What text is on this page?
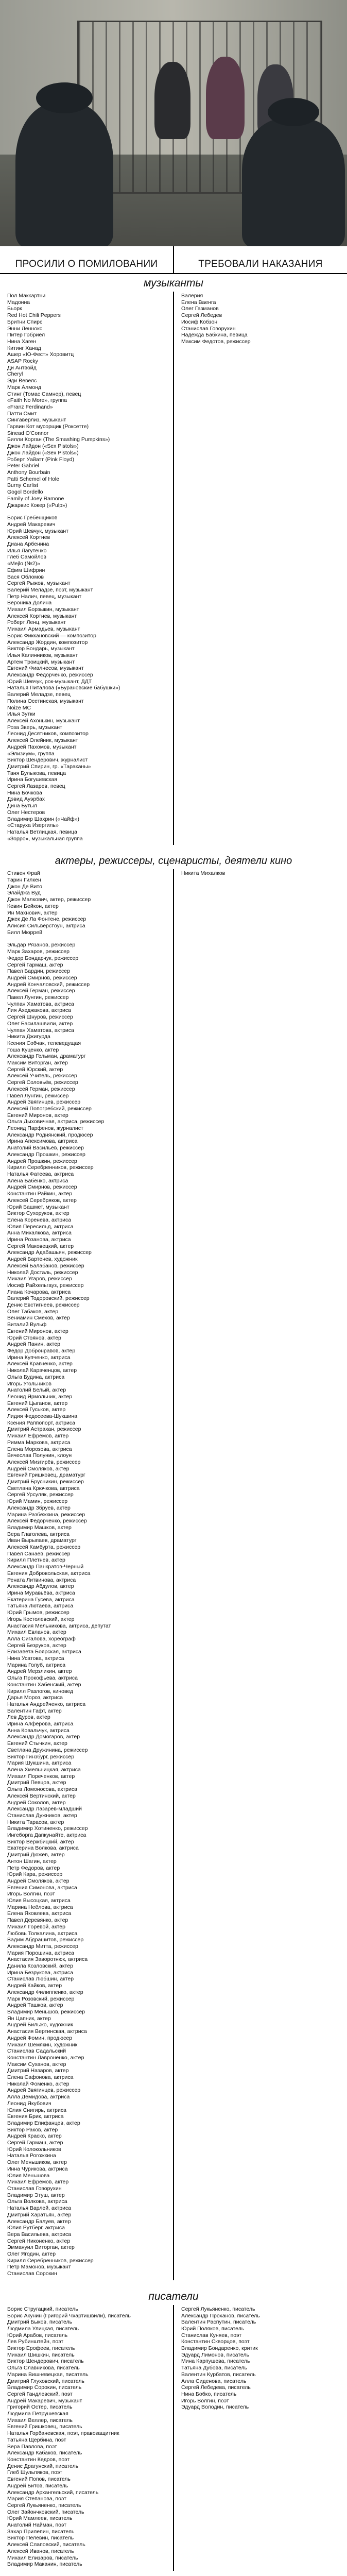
ПРОСИЛИ О ПОМИЛОВАНИИ	ТРЕБОВАЛИ НАКАЗАНИЯ
музыканты
Пол Маккартни
Мадонна
Бьорк
Red Hot Chili Peppers
Бритни Спирс
Энни Леннокс
Питер Гэбриел
Нина Хаген
Китинг Ханад
Ашер «Ю-Фест» Хоровитц
ASAP Rocky
Ди Антвойд
Cheryl
Эди Вевелс
Марк Алмонд
Стинг (Томас Самнер), певец
«Faith No More», группа
«Franz Ferdinand»
Патти Смит
Сингаверлиз, музыкант
Гарвин Кот мусорщик (Роксетте)
Sinead O'Connor
Билли Корган (The Smashing Pumpkins»)
Джон Лайдон («Sex Pistols»)
Джон Лайдон («Sex Pistols»)
Роберт Уайатт (Pink Floyd)
Peter Gabriel
Anthony Bourbain
Patti Schemel of Hole
Burny Carlist
Gogol Bordello
Family of Joey Ramone
Джарвис Кокер («Pulp»)
Борис Гребенщиков
Андрей Макаревич
Юрий Шевчук, музыкант
Алексей Кортнев
Диана Арбенина
Илья Лагутенко
Глеб Самойлов
«Mejlo (№2)»
Ефим Шифрин
Вася Обломов
Сергей Рыжов, музыкант
Валерий Меладзе, поэт, музыкант
Петр Налич, певец, музыкант
Вероника Долина
Михаил Борзыкин, музыкант
Алексей Кортнев, музыкант
Роберт Ленц, музыкант
Михаил Армадьев, музыкант
Борис Фиккановский — композитор
Александр Жордин, композитор
Виктор Бондарь, музыкант
Илья Калинников, музыкант
Артем Троицкий, музыкант
Евгений Фиалнесов, музыкант
Александр Федорченко, режиссер
Юрий Шевчук, рок-музыкант, ДДТ
Наталья Питалова («Бурановские бабушки»)
Валерий Меладзе, певец
Полина Осетинская, музыкант
Noize MC
Илья Зутки
Алексей Ахонькин, музыкант
Роза Зверь, музыкант
Леонид Десятников, композитор
Алексей Олейник, музыкант
Андрей Пахомов, музыкант
«Элизиум», группа
Виктор Шендерович, журналист
Дмитрий Спирин, гр. «Тараканы»
Таня Булыкова, певица
Ирина Богушевская
Сергей Лазарев, певец
Нина Бочкова
Дэвид Ауэрбах
Дина Бутыл
Олег Нестеров
Владимир Шахрин («Чайф»)
«Старуха Изергиль»
Наталья Ветлицкая, певица
«Зорро», музыкальная группа
Валерия
Елена Ваенга
Олег Газманов
Сергей Лебедев
Иосиф Кобзон
Станислав Говорухин
Надежда Бабкина, певица
Максим Федотов, режиссер
актеры, режиссеры, сценаристы, деятели кино
Стивен Фрай
Тарин Гилкен
Джон Де Вито
Элайджа Вуд
Джон Малкович, актер, режиссер
Кевин Бейкон, актер
Ян Махнович, актер
Джек Де Ла Фонтене, режиссер
Алисия Сильверстоун, актриса
Билл Мюррей
Эльдар Рязанов, режиссер
Марк Захаров, режиссер
Федор Бондарчук, режиссер
Сергей Гармаш, актер
Павел Бардин, режиссер
Андрей Смирнов, режиссер
Андрей Кончаловский, режиссер
Алексей Герман, режиссер
Павел Лунгин, режиссер
Чулпан Хаматова, актриса
Лия Ахеджакова, актриса
Сергей Шнуров, режиссер
Олег Басилашвили, актер
Чулпан Хаматова, актриса
Никита Джигурда
Ксения Собчак, телеведущая
Гоша Куценко, актер
Александр Гельман, драматург
Максим Виторган, актер
Сергей Юрский, актер
Алексей Учитель, режиссер
Сергей Соловьёв, режиссер
Алексей Герман, режиссер
Павел Лунгин, режиссер
Андрей Звягинцев, режиссер
Алексей Попогребский, режиссер
Евгений Миронов, актер
Ольга Дыховичная, актриса, режиссер
Леонид Парфенов, журналист
Александр Роднянский, продюсер
Ирина Апексимова, актриса
Анатолий Васильев, режиссер
Александр Прошкин, режиссер
Андрей Прошкин, режиссер
Кирилл Серебренников, режиссер
Наталья Фатеева, актриса
Алена Бабенко, актриса
Андрей Смирнов, режиссер
Константин Райкин, актер
Алексей Серебряков, актер
Юрий Башмет, музыкант
Виктор Сухоруков, актер
Елена Коренева, актриса
Юлия Пересильд, актриса
Анна Михалкова, актриса
Ирина Розанова, актриса
Сергей Маковецкий, актер
Александр Адабашьян, режиссер
Андрей Бартенев, художник
Алексей Балабанов, режиссер
Николай Досталь, режиссер
Михаил Угаров, режиссер
Иосиф Райхельгауз, режиссер
Лиана Кочарова, актриса
Валерий Тодоровский, режиссер
Денис Евстигнеев, режиссер
Олег Табаков, актер
Вениамин Смехов, актер
Виталий Вульф
Евгений Миронов, актер
Юрий Стоянов, актер
Андрей Панин, актер
Федор Добронравов, актер
Ирина Купченко, актриса
Алексей Кравченко, актер
Николай Караченцов, актер
Ольга Будина, актриса
Игорь Угольников
Анатолий Белый, актер
Леонид Ярмольник, актер
Евгений Цыганов, актер
Алексей Гуськов, актер
Лидия Федосеева-Шукшина
Ксения Раппопорт, актриса
Дмитрий Астрахан, режиссер
Михаил Ефремов, актер
Римма Маркова, актриса
Елена Морозова, актриса
Вячеслав Полунин, клоун
Алексей Мизгирёв, режиссер
Андрей Смоляков, актер
Евгений Гришковец, драматург
Дмитрий Брусникин, режиссер
Светлана Крючкова, актриса
Сергей Урсуляк, режиссер
Юрий Мамин, режиссер
Александр Збруев, актер
Марина Разбежкина, режиссер
Алексей Федорченко, режиссер
Владимир Машков, актер
Вера Глаголева, актриса
Иван Вырыпаев, драматург
Алексей Камбурта, режиссер
Павел Санаев, режиссер
Кирилл Плетнев, актер
Александр Панкратов-Черный
Евгения Добровольская, актриса
Рената Литвинова, актриса
Александр Абдулов, актер
Ирина Муравьёва, актриса
Екатерина Гусева, актриса
Татьяна Лютаева, актриса
Юрий Грымов, режиссер
Игорь Костолевский, актер
Анастасия Мельникова, актриса, депутат
Михаил Евланов, актер
Алла Сигалова, хореограф
Сергей Безруков, актер
Елизавета Боярская, актриса
Нина Усатова, актриса
Марина Голуб, актриса
Андрей Мерзликин, актер
Ольга Прокофьева, актриса
Константин Хабенский, актер
Кирилл Разлогов, киновед
Дарья Мороз, актриса
Наталья Андрейченко, актриса
Валентин Гафт, актер
Лев Дуров, актер
Ирина Алфёрова, актриса
Анна Ковальчук, актриса
Александр Домогаров, актер
Евгений Стычкин, актер
Светлана Дружинина, режиссер
Виктор Гинзбург, режиссер
Мария Шукшина, актриса
Алена Хмельницкая, актриса
Михаил Пореченков, актер
Дмитрий Певцов, актер
Ольга Ломоносова, актриса
Алексей Вертинский, актер
Андрей Соколов, актер
Александр Лазарев-младший
Станислав Дужников, актер
Никита Тарасов, актер
Владимир Хотиненко, режиссер
Ингеборга Дапкунайте, актриса
Виктор Вержбицкий, актер
Екатерина Волкова, актриса
Дмитрий Дюжев, актер
Антон Шагин, актер
Петр Федоров, актер
Юрий Кара, режиссер
Андрей Смоляков, актер
Евгения Симонова, актриса
Игорь Волгин, поэт
Юлия Высоцкая, актриса
Марина Неёлова, актриса
Елена Яковлева, актриса
Павел Деревянко, актер
Михаил Горевой, актер
Любовь Толкалина, актриса
Вадим Абдрашитов, режиссер
Александр Митта, режиссер
Мария Порошина, актриса
Анастасия Заворотнюк, актриса
Данила Козловский, актер
Ирина Безрукова, актриса
Станислав Любшин, актер
Андрей Кайков, актер
Александр Филиппенко, актер
Марк Розовский, режиссер
Андрей Ташков, актер
Владимир Меньшов, режиссер
Ян Цапник, актер
Андрей Бильжо, художник
Анастасия Вертинская, актриса
Андрей Фомин, продюсер
Михаил Шемякин, художник
Станислав Садальский
Константин Лавроненко, актер
Максим Суханов, актер
Дмитрий Назаров, актер
Елена Сафонова, актриса
Николай Фоменко, актер
Андрей Звягинцев, режиссер
Алла Демидова, актриса
Леонид Якубович
Юлия Снигирь, актриса
Евгения Брик, актриса
Владимир Епифанцев, актер
Виктор Раков, актер
Андрей Краско, актер
Сергей Гармаш, актер
Юрий Колокольников
Наталья Рогожкина
Олег Меньшиков, актер
Инна Чурикова, актриса
Юлия Меньшова
Михаил Ефремов, актер
Станислав Говорухин
Владимир Этуш, актер
Ольга Волкова, актриса
Наталья Варлей, актриса
Дмитрий Харатьян, актер
Александр Балуев, актер
Юлия Рутберг, актриса
Вера Васильева, актриса
Сергей Никоненко, актер
Эммануил Виторган, актер
Олег Ягодин, актер
Кирилл Серебренников, режиссер
Петр Мамонов, музыкант
Станислав Сорокин
Никита Михалков
писатели
Борис Стругацкий, писатель
Борис Акунин (Григорий Чхартишвили), писатель
Дмитрий Быков, писатель
Людмила Улицкая, писатель
Юрий Арабов, писатель
Лев Рубинштейн, поэт
Виктор Ерофеев, писатель
Михаил Шишкин, писатель
Виктор Шендерович, писатель
Ольга Славникова, писатель
Марина Вишневецкая, писатель
Дмитрий Глуховский, писатель
Владимир Сорокин, писатель
Сергей Гандлевский, поэт
Андрей Макаревич, музыкант
Григорий Остер, писатель
Людмила Петрушевская
Михаил Веллер, писатель
Евгений Гришковец, писатель
Наталья Горбаневская, поэт, правозащитник
Татьяна Щербина, поэт
Вера Павлова, поэт
Александр Кабаков, писатель
Константин Кедров, поэт
Денис Драгунский, писатель
Глеб Шульпяков, поэт
Евгений Попов, писатель
Андрей Битов, писатель
Александр Архангельский, писатель
Мария Степанова, поэт
Сергей Лукьяненко, писатель
Олег Зайончковский, писатель
Юрий Мамлеев, писатель
Анатолий Найман, поэт
Захар Прилепин, писатель
Виктор Пелевин, писатель
Алексей Слаповский, писатель
Алексей Иванов, писатель
Михаил Елизаров, писатель
Владимир Маканин, писатель
Сергей Лукьяненко, писатель
Александр Проханов, писатель
Валентин Распутин, писатель
Юрий Поляков, писатель
Станислав Куняев, поэт
Константин Скворцов, поэт
Владимир Бондаренко, критик
Эдуард Лимонов, писатель
Мина Карпушева, писатель
Татьяна Дубова, писатель
Валентин Курбатов, писатель
Алла Сиденова, писатель
Сергей Лебедева, писатель
Нина Бобко, писатель
Игорь Волгин, поэт
Эдуард Володин, писатель
